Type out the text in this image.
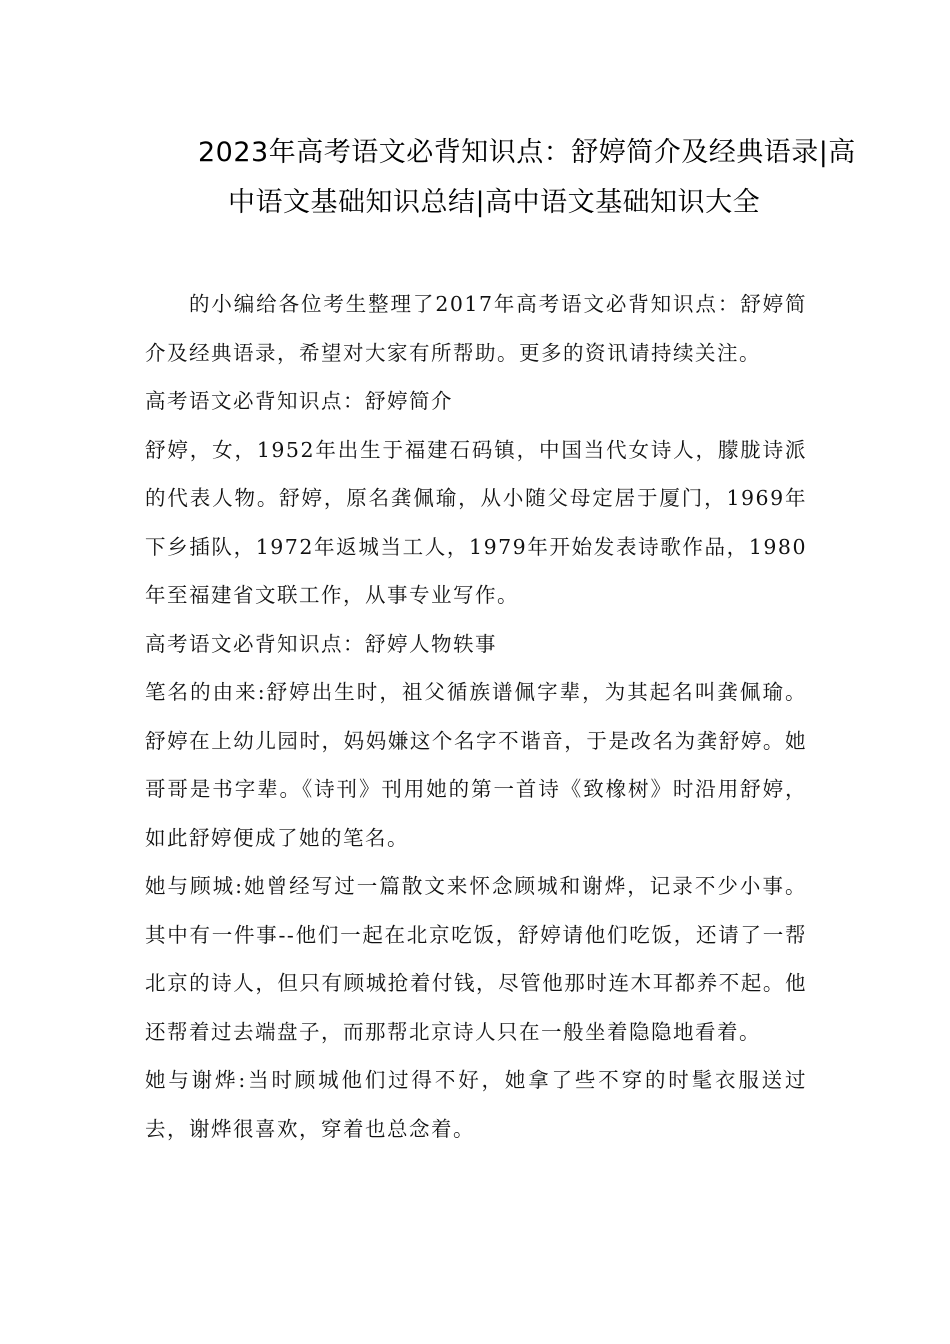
2023年高考语文必背知识点：舒婷简介及经典语录|高
中语文基础知识总结|高中语文基础知识大全

的小编给各位考生整理了2017年高考语文必背知识点：舒婷简介及经典语录，希望对大家有所帮助。更多的资讯请持续关注。

高考语文必背知识点：舒婷简介

舒婷，女，1952年出生于福建石码镇，中国当代女诗人，朦胧诗派的代表人物。舒婷，原名龚佩瑜，从小随父母定居于厦门，1969年下乡插队，1972年返城当工人，1979年开始发表诗歌作品，1980年至福建省文联工作，从事专业写作。

高考语文必背知识点：舒婷人物轶事

笔名的由来:舒婷出生时，祖父循族谱佩字辈，为其起名叫龚佩瑜。舒婷在上幼儿园时，妈妈嫌这个名字不谐音，于是改名为龚舒婷。她哥哥是书字辈。《诗刊》刊用她的第一首诗《致橡树》时沿用舒婷，如此舒婷便成了她的笔名。

她与顾城:她曾经写过一篇散文来怀念顾城和谢烨，记录不少小事。其中有一件事--他们一起在北京吃饭，舒婷请他们吃饭，还请了一帮北京的诗人，但只有顾城抢着付钱，尽管他那时连木耳都养不起。他还帮着过去端盘子，而那帮北京诗人只在一般坐着隐隐地看着。

她与谢烨:当时顾城他们过得不好，她拿了些不穿的时髦衣服送过去，谢烨很喜欢，穿着也总念着。
